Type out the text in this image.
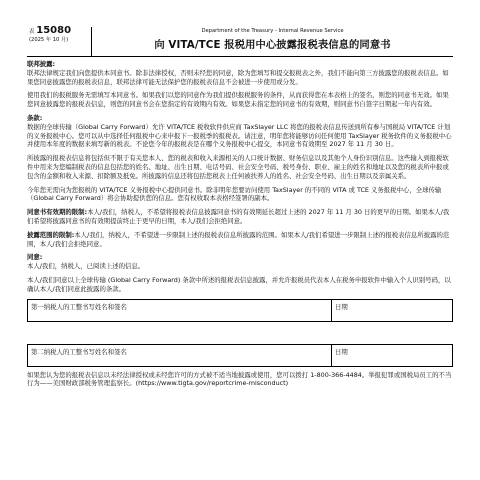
表 15080
(2025 年 10 月)
Department of the Treasury - Internal Revenue Service
向 VITA/TCE 报税用中心披露报税表信息的同意书

联邦披露:

联邦法律规定我们向您提供本同意书。除非法律授权，否则未经您的同意，除为您填写和提交报税表之外，我们不能向第三方披露您的报税表信息。如果您同意披露您的报税表信息，联邦法律可能无法保护您的报税表信息不会被进一步使用或分发。

使用我们的报税服务无需填写本同意书。如果我们以您的同意作为我们提供报税服务的条件，从而获得您在本表格上的签名，则您的同意书无效。如果您同意披露您的报税表信息，则您的同意书会在您指定的有效期内有效。如果您未指定您的同意书的有效期，则同意书自签字日期起一年内有效。

条款:

数据的全球传输（Global Carry Forward）允许 VITA/TCE 税收软件供应商 TaxSlayer LLC 将您的报税表信息传送到所有参与国税局 VITA/TCE 计划的义务报税中心。您可以从中选择任何报税中心来申报下一报税季的报税表。请注意，明年您将能够访问任何使用 TaxSlayer 税务软件的义务报税中心并使用本年度的数据来填写新的税表。不论您今年的报税表是在哪个义务报税中心提交，本同意书有效期至 2027 年 11 月 30 日。

所披露的报税表信息将包括但不限于有关您本人、您的税表和收入来源相关的人口统计数据、财务信息以及其他个人身份识别信息。这些输入到报税软件中用来为您编制税表的信息包括您的姓名、地址、出生日期、电话号码、社会安全号码、税号身份、职业、雇主的姓名和地址以及您的税表所申报或包含的金额和收入来源、扣除额及抵免。所披露的信息还将包括您税表上任何被扶养人的姓名、社会安全号码、出生日期以及亲属关系。

今年您无需向为您报税的 VITA/TCE 义务报税中心提供同意书。除非明年您要访问使用 TaxSlayer 的不同的 VITA 或 TCE 义务报税中心，全球传输（Global Carry Forward）将会协助提供您的信息。您有权收取本表格经签署的副本。

同意书有效期的限制:本人/我们，纳税人，不希望将报税表信息披露同意书的有效期延长超过上述的 2027 年 11 月 30 日的更早的日期。如果本人/我们希望将披露同意书的有效期提前终止于更早的日期，本人/我们会拒绝同意。

披露范围的限制:本人/我们，纳税人，不希望进一步限制上述的报税表信息所披露的范围。如果本人/我们希望进一步限制上述的报税表信息所披露的范围，本人/我们会拒绝同意。

同意:

本人/我们，纳税人，已阅读上述的信息。

本人/我们同意以上全球传输 (Global Carry Forward) 条款中所述的报税表信息披露，并允许报税员代表本人在税务申报软件中输入个人识别号码，以确认本人/我们同意此披露的条款。

第一纳税人的工整书写姓名和签名	日期

第二纳税人的工整书写姓名和签名	日期
如果您认为您的报税表信息以未经法律授权或未经您许可的方式被不适当地披露或使用，您可以拨打 1-800-366-4484。举报犯罪或国税局员工的不当行为——美国财政部税务管理监察长。(https://www.tigta.gov/reportcrime-misconduct)
